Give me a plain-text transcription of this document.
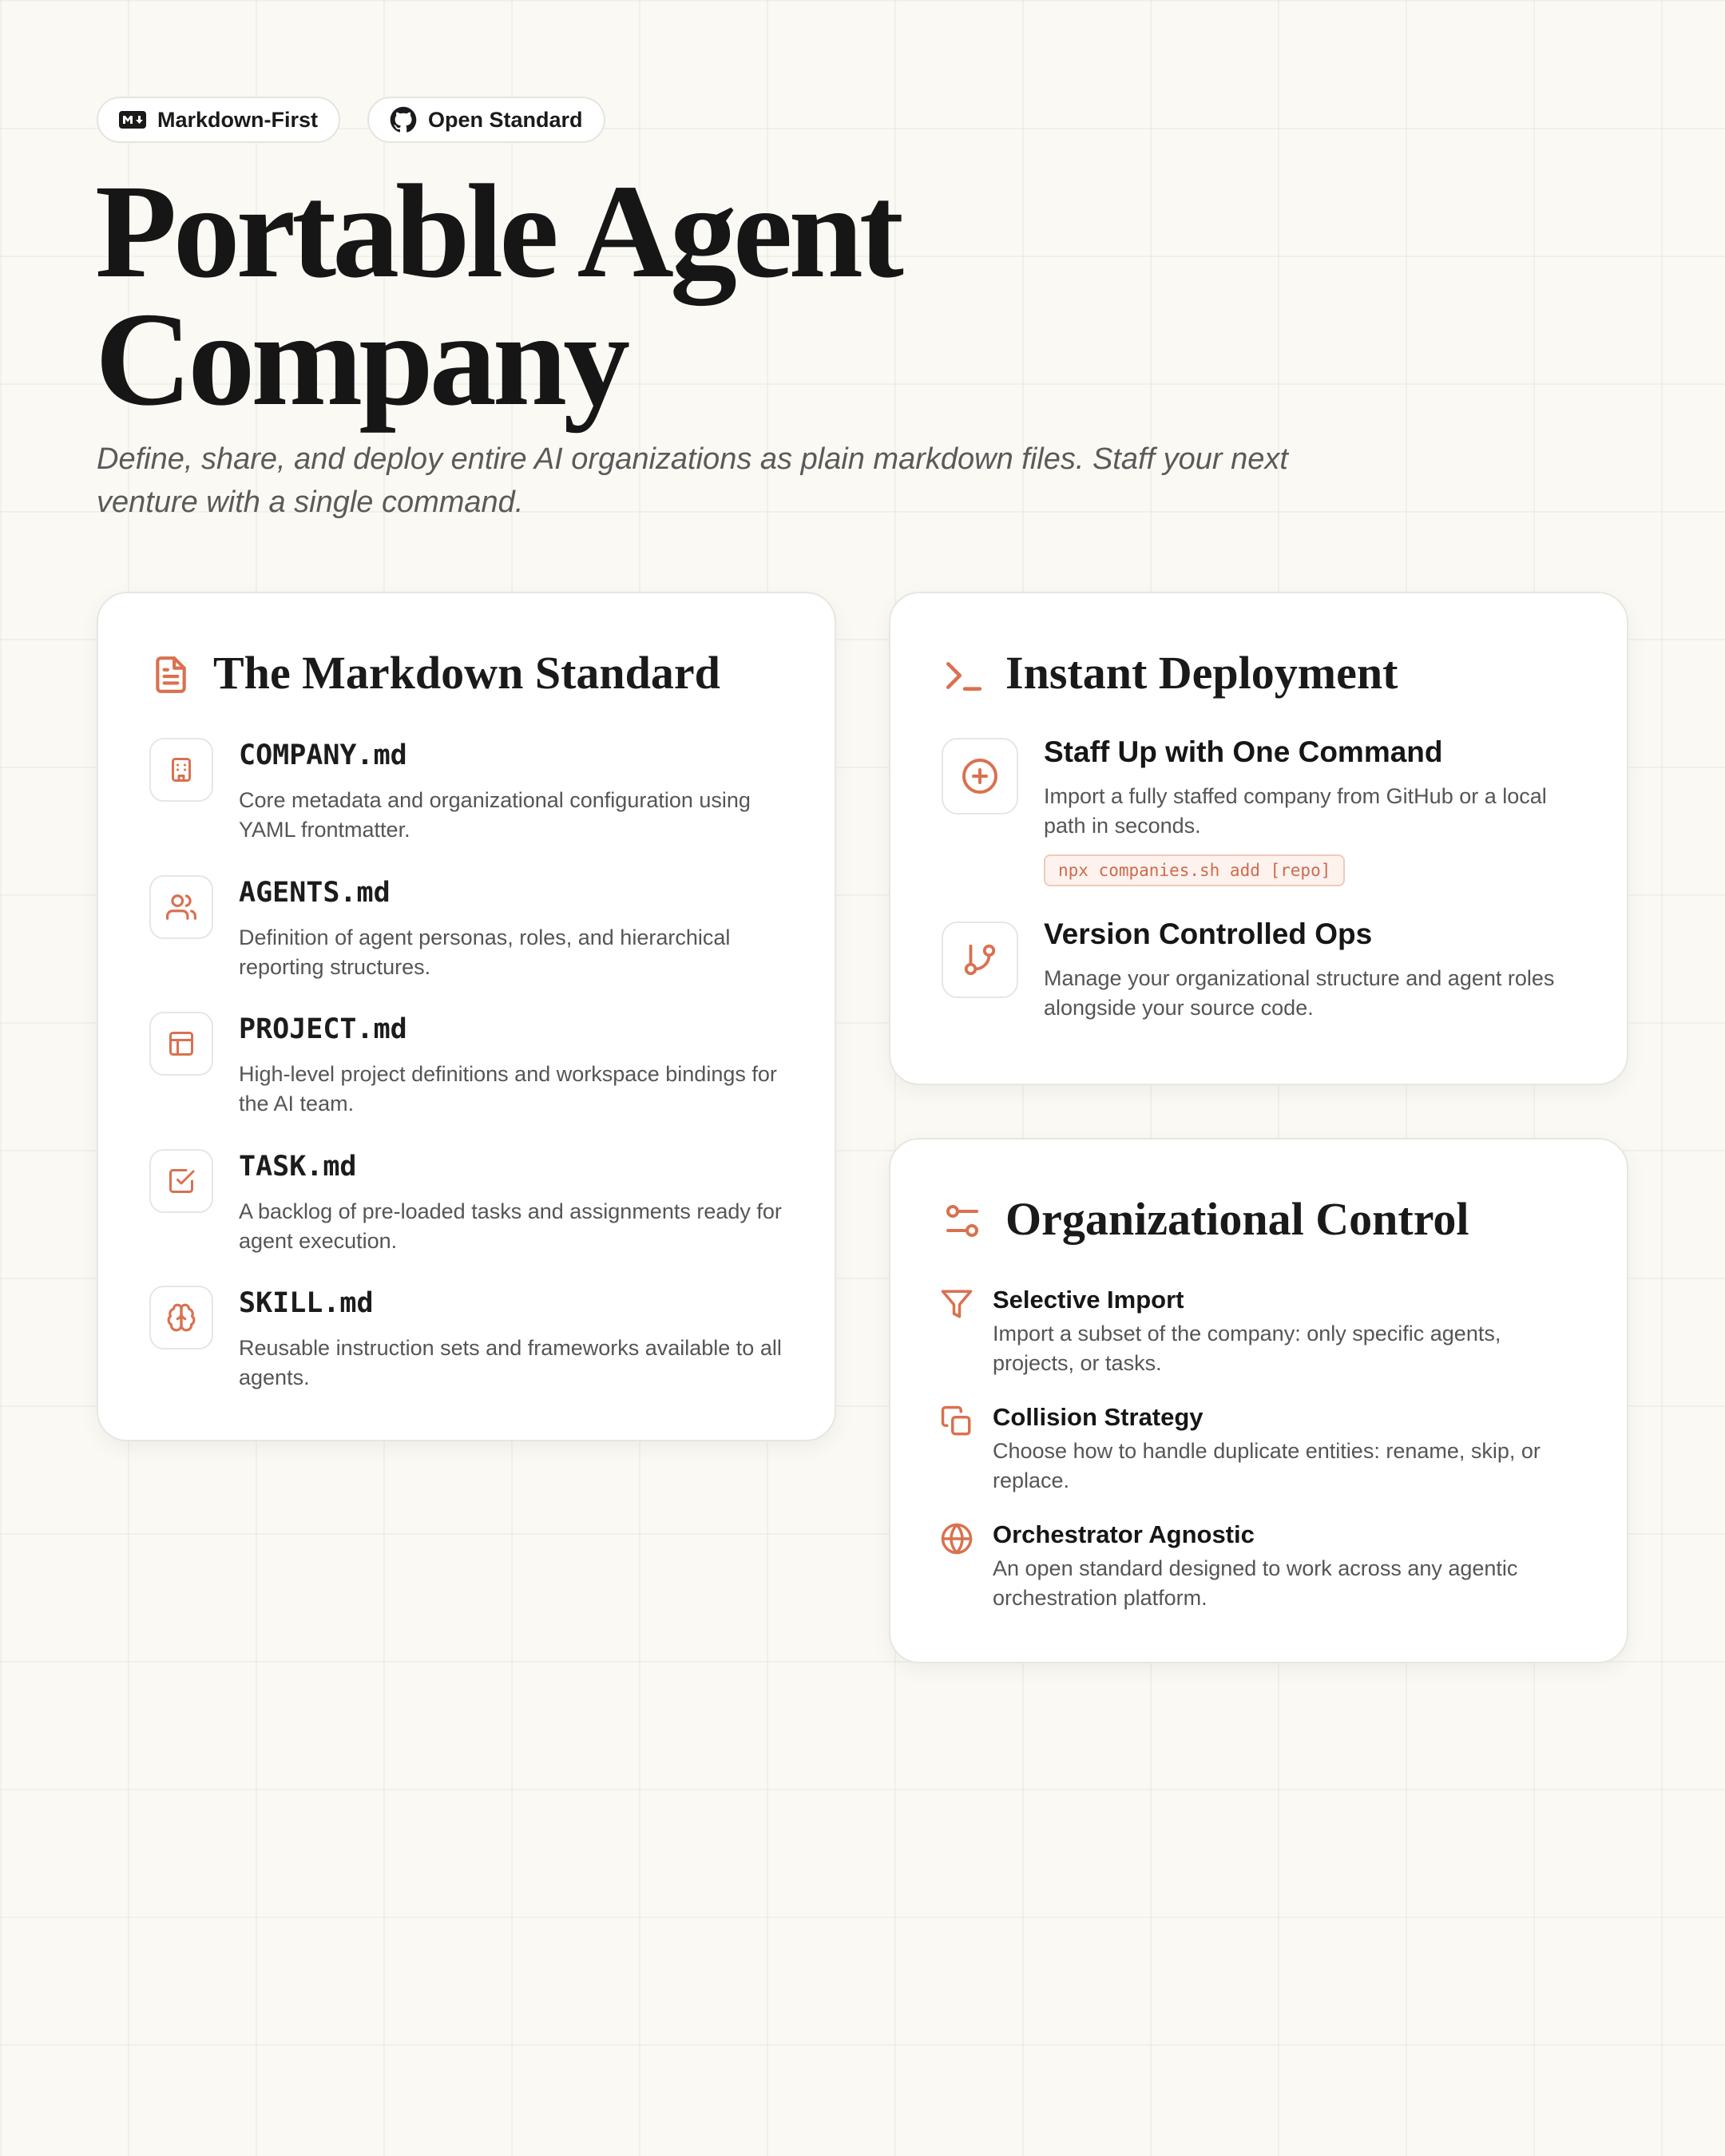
Markdown-First	Open Standard
Portable Agent
Company

Define, share, and deploy entire AI organizations as plain markdown files. Staff your next venture with a single command.

The Markdown Standard
COMPANY.md
Core metadata and organizational configuration using YAML frontmatter.
AGENTS.md
Definition of agent personas, roles, and hierarchical reporting structures.
PROJECT.md
High-level project definitions and workspace bindings for the AI team.
TASK.md
A backlog of pre-loaded tasks and assignments ready for agent execution.
SKILL.md
Reusable instruction sets and frameworks available to all agents.
Instant Deployment
Staff Up with One Command
Import a fully staffed company from GitHub or a local path in seconds.
npx companies.sh add [repo]
Version Controlled Ops
Manage your organizational structure and agent roles alongside your source code.
Organizational Control
Selective Import
Import a subset of the company: only specific agents, projects, or tasks.
Collision Strategy
Choose how to handle duplicate entities: rename, skip, or replace.
Orchestrator Agnostic
An open standard designed to work across any agentic orchestration platform.
